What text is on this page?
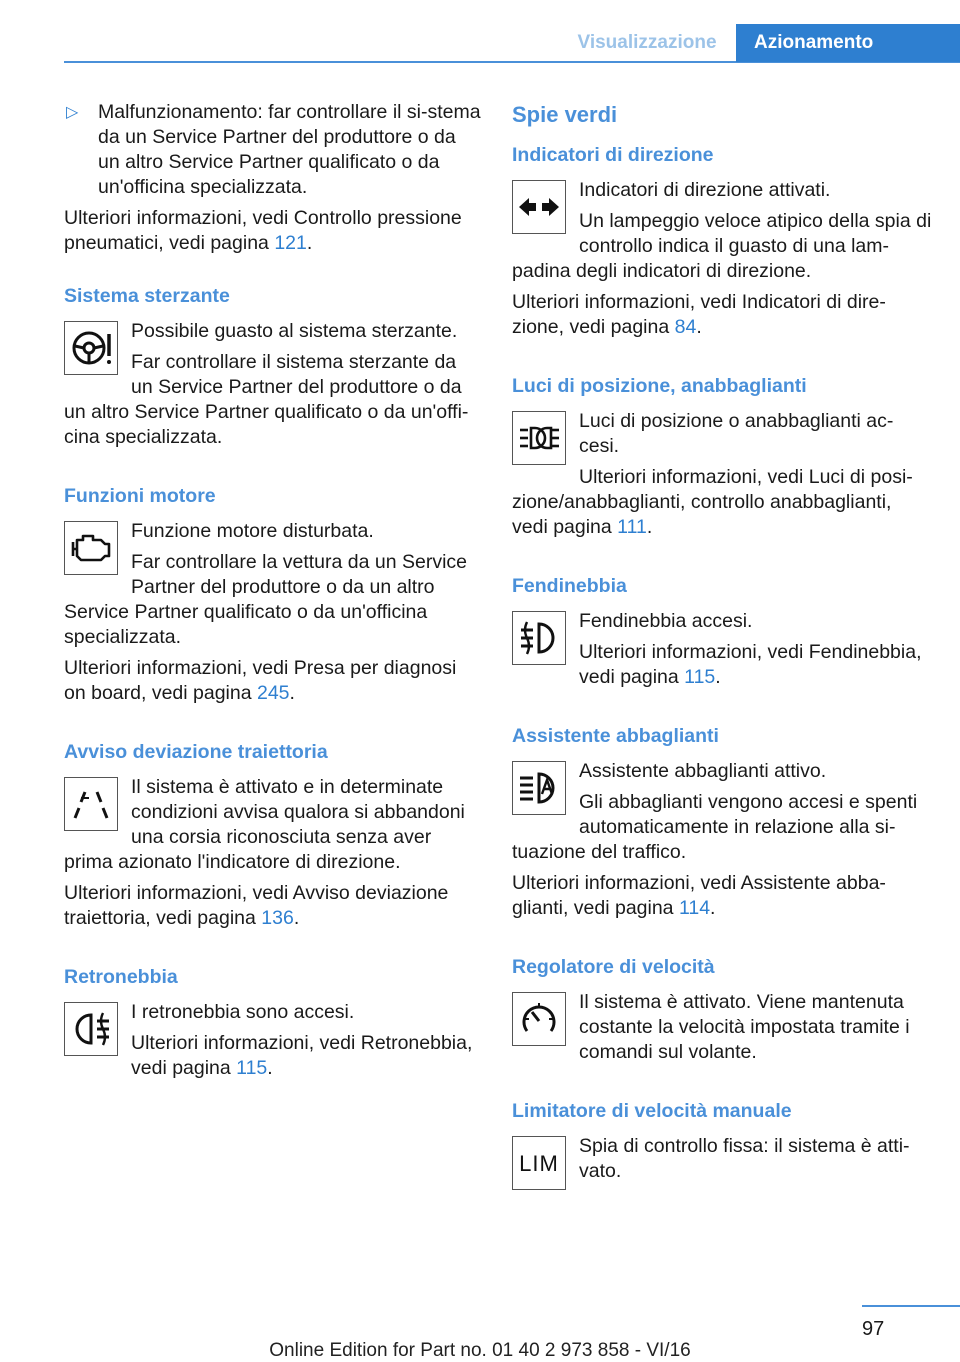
Visualizzazione	Azionamento

▷ Malfunzionamento: far controllare il si-stema da un Service Partner del produttore o da un altro Service Partner qualificato o da un'officina specializzata.

Ulteriori informazioni, vedi Controllo pressione pneumatici, vedi pagina 121.

Sistema sterzante

Possibile guasto al sistema sterzante.

Far controllare il sistema sterzante da un Service Partner del produttore o da un altro Service Partner qualificato o da un'offi-cina specializzata.

Funzioni motore

Funzione motore disturbata.

Far controllare la vettura da un Service Partner del produttore o da un altro Service Partner qualificato o da un'officina specializzata.

Ulteriori informazioni, vedi Presa per diagnosi on board, vedi pagina 245.

Avviso deviazione traiettoria

Il sistema è attivato e in determinate condizioni avvisa qualora si abbandoni una corsia riconosciuta senza aver prima azionato l'indicatore di direzione.

Ulteriori informazioni, vedi Avviso deviazione traiettoria, vedi pagina 136.

Retronebbia

I retronebbia sono accesi.

Ulteriori informazioni, vedi Retronebbia, vedi pagina 115.

Spie verdi
Indicatori di direzione

Indicatori di direzione attivati.

Un lampeggio veloce atipico della spia di controllo indica il guasto di una lam-padina degli indicatori di direzione.

Ulteriori informazioni, vedi Indicatori di dire-zione, vedi pagina 84.

Luci di posizione, anabbaglianti

Luci di posizione o anabbaglianti ac-cesi.

Ulteriori informazioni, vedi Luci di posi-zione/anabbaglianti, controllo anabbaglianti, vedi pagina 111.

Fendinebbia

Fendinebbia accesi.

Ulteriori informazioni, vedi Fendinebbia, vedi pagina 115.

Assistente abbaglianti

Assistente abbaglianti attivo.

Gli abbaglianti vengono accesi e spenti automaticamente in relazione alla si-tuazione del traffico.

Ulteriori informazioni, vedi Assistente abba-glianti, vedi pagina 114.

Regolatore di velocità

Il sistema è attivato. Viene mantenuta costante la velocità impostata tramite i comandi sul volante.

Limitatore di velocità manuale
LIM

Spia di controllo fissa: il sistema è atti-vato.

97
Online Edition for Part no. 01 40 2 973 858 - VI/16
